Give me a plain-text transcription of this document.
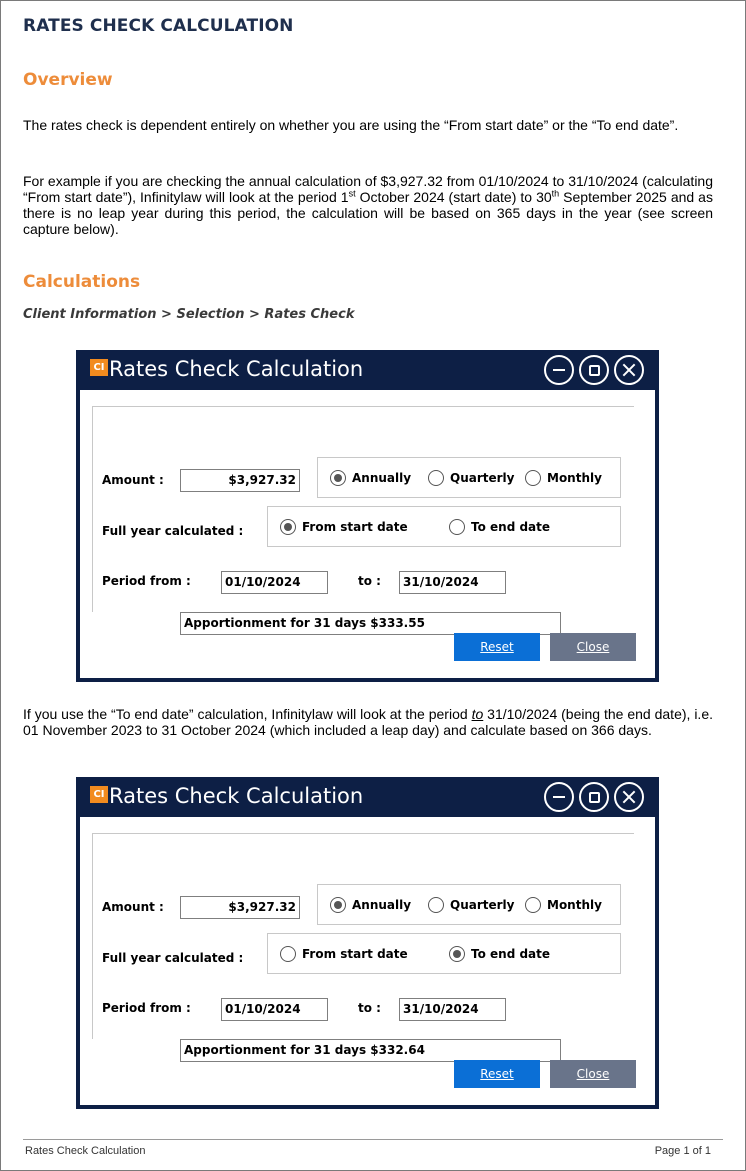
RATES CHECK CALCULATION
Overview

The rates check is dependent entirely on whether you are using the “From start date” or the “To end date”.

For example if you are checking the annual calculation of $3,927.32 from 01/10/2024 to 31/10/2024 (calculating “From start date”), Infinitylaw will look at the period 1st October 2024 (start date) to 30th September 2025 and as there is no leap year during this period, the calculation will be based on 365 days in the year (see screen capture below).

Calculations
Client Information > Selection > Rates Check
CI Rates Check Calculation
Amount :	$3,927.32	Annually	Quarterly	Monthly
Full year calculated :	From start date	To end date
Period from :	01/10/2024	to :	31/10/2024
Apportionment for 31 days $333.55
Reset	Close

If you use the “To end date” calculation, Infinitylaw will look at the period to 31/10/2024 (being the end date), i.e. 01 November 2023 to 31 October 2024 (which included a leap day) and calculate based on 366 days.

CI Rates Check Calculation
Amount :	$3,927.32	Annually	Quarterly	Monthly
Full year calculated :	From start date	To end date
Period from :	01/10/2024	to :	31/10/2024
Apportionment for 31 days $332.64
Reset	Close
Rates Check Calculation	Page 1 of 1
